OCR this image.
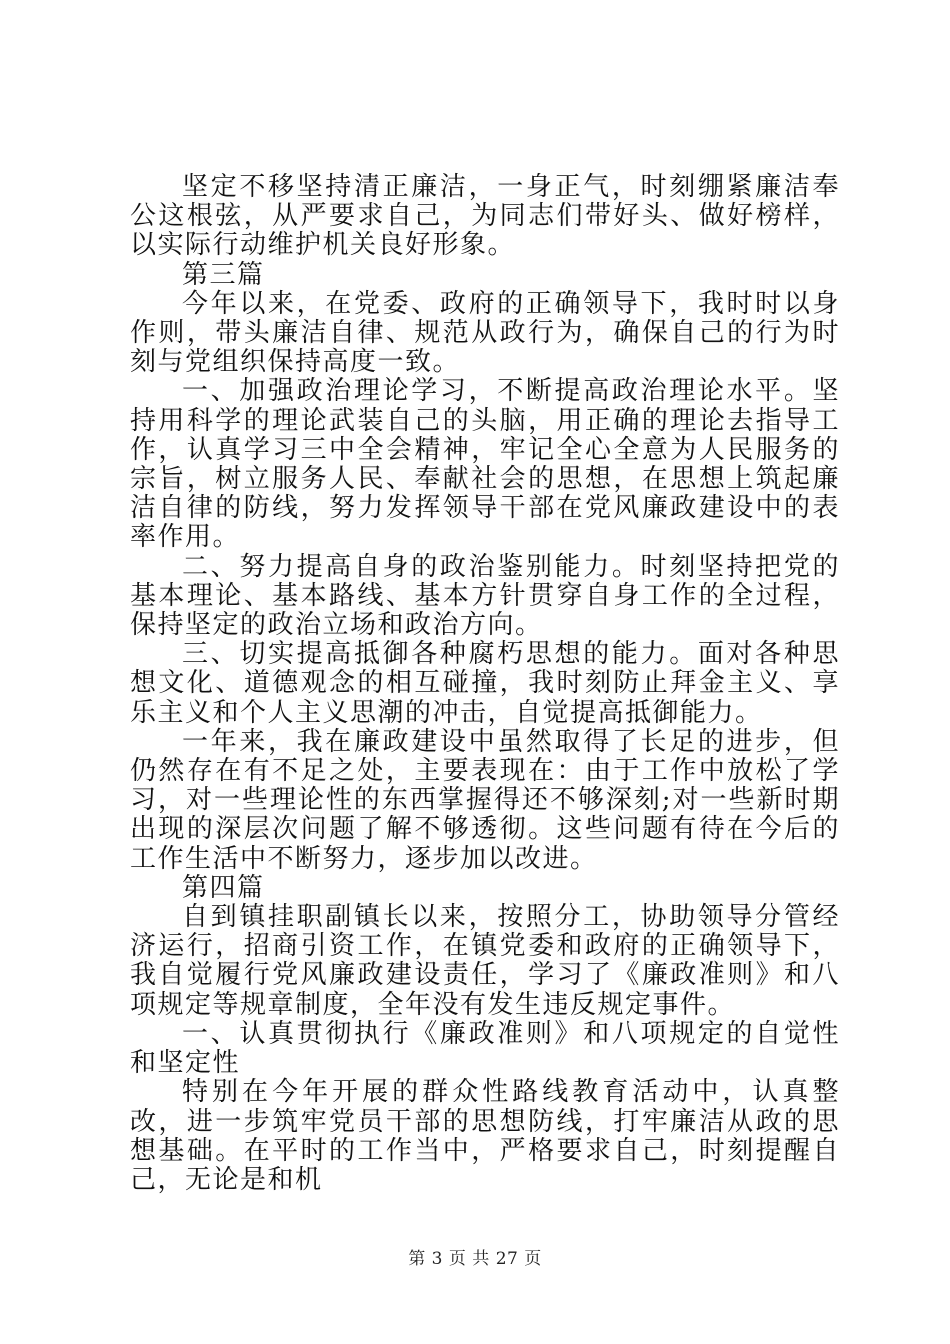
坚定不移坚持清正廉洁，一身正气，时刻绷紧廉洁奉公这根弦，从严要求自己，为同志们带好头、做好榜样，以实际行动维护机关良好形象。

第三篇

今年以来，在党委、政府的正确领导下，我时时以身作则，带头廉洁自律、规范从政行为，确保自己的行为时刻与党组织保持高度一致。

一、加强政治理论学习，不断提高政治理论水平。坚持用科学的理论武装自己的头脑，用正确的理论去指导工作，认真学习三中全会精神，牢记全心全意为人民服务的宗旨，树立服务人民、奉献社会的思想，在思想上筑起廉洁自律的防线，努力发挥领导干部在党风廉政建设中的表率作用。

二、努力提高自身的政治鉴别能力。时刻坚持把党的基本理论、基本路线、基本方针贯穿自身工作的全过程，保持坚定的政治立场和政治方向。

三、切实提高抵御各种腐朽思想的能力。面对各种思想文化、道德观念的相互碰撞，我时刻防止拜金主义、享乐主义和个人主义思潮的冲击，自觉提高抵御能力。

一年来，我在廉政建设中虽然取得了长足的进步，但仍然存在有不足之处，主要表现在：由于工作中放松了学习，对一些理论性的东西掌握得还不够深刻;对一些新时期出现的深层次问题了解不够透彻。这些问题有待在今后的工作生活中不断努力，逐步加以改进。

第四篇

自到镇挂职副镇长以来，按照分工，协助领导分管经济运行，招商引资工作，在镇党委和政府的正确领导下，我自觉履行党风廉政建设责任，学习了《廉政准则》和八项规定等规章制度，全年没有发生违反规定事件。

一、认真贯彻执行《廉政准则》和八项规定的自觉性和坚定性

特别在今年开展的群众性路线教育活动中，认真整改，进一步筑牢党员干部的思想防线，打牢廉洁从政的思想基础。在平时的工作当中，严格要求自己，时刻提醒自己，无论是和机

第 3 页 共 27 页
